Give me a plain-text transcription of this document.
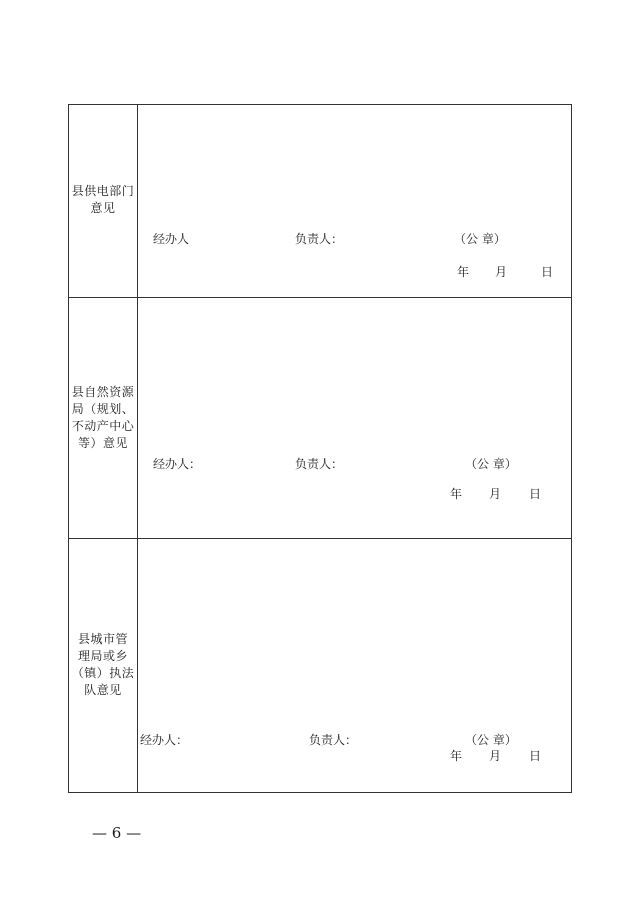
县供电部门
意见
经办人	负责人：	（公 章）
年 月	日
县自然资源
局（规划、
不动产中心
等）意见
经办人：	负责人：	（公 章）
年 月 日
县城市管
理局或乡
（镇）执法
队意见
经办人：	负责人：	（公 章）
年 月 日
— 6 —
